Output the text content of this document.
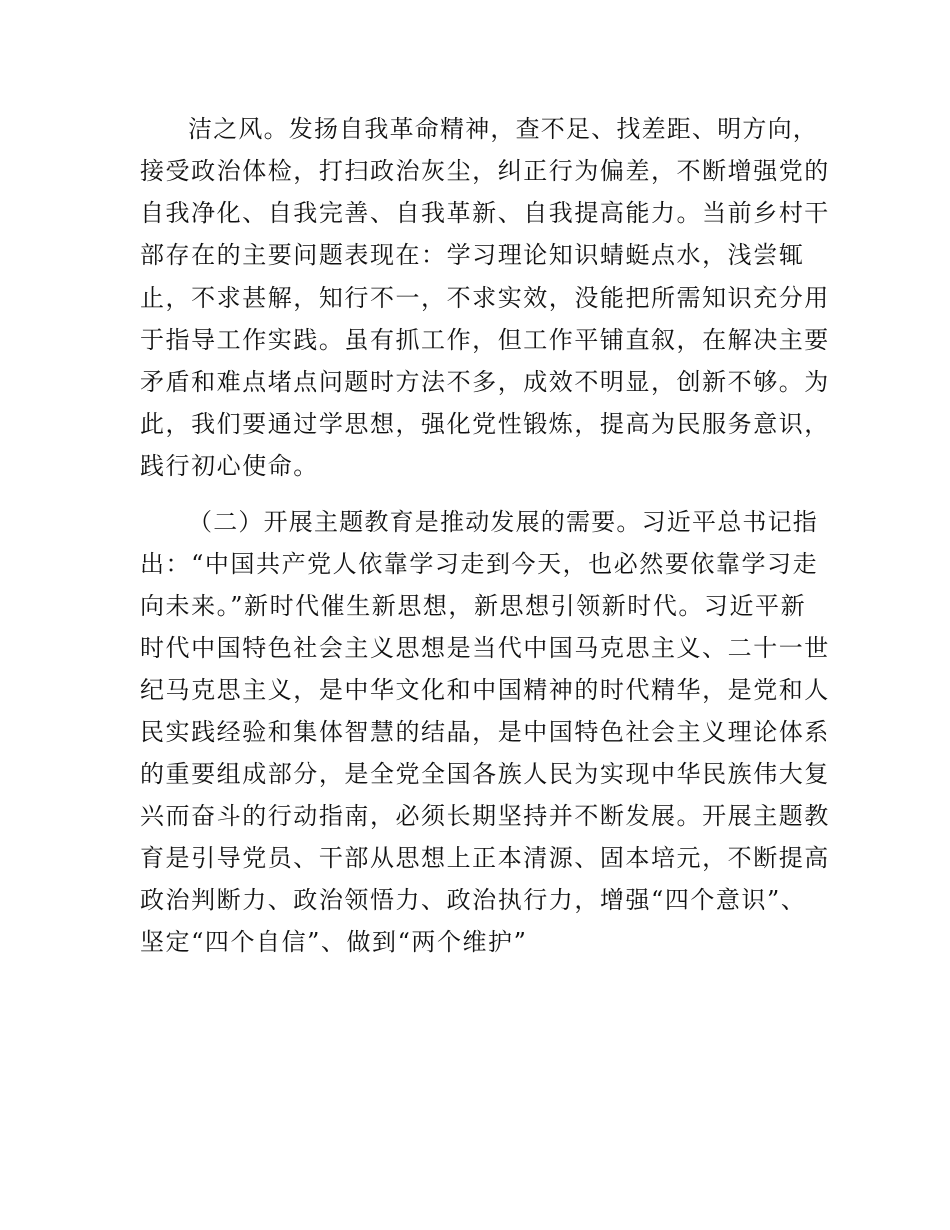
洁之风。发扬自我革命精神，查不足、找差距、明方向，
接受政治体检，打扫政治灰尘，纠正行为偏差，不断增强党的
自我净化、自我完善、自我革新、自我提高能力。当前乡村干
部存在的主要问题表现在：学习理论知识蜻蜓点水，浅尝辄
止，不求甚解，知行不一，不求实效，没能把所需知识充分用
于指导工作实践。虽有抓工作，但工作平铺直叙，在解决主要
矛盾和难点堵点问题时方法不多，成效不明显，创新不够。为
此，我们要通过学思想，强化党性锻炼，提高为民服务意识，
践行初心使命。
（二）开展主题教育是推动发展的需要。习近平总书记指
出：“中国共产党人依靠学习走到今天，也必然要依靠学习走
向未来。”新时代催生新思想，新思想引领新时代。习近平新
时代中国特色社会主义思想是当代中国马克思主义、二十一世
纪马克思主义，是中华文化和中国精神的时代精华，是党和人
民实践经验和集体智慧的结晶，是中国特色社会主义理论体系
的重要组成部分，是全党全国各族人民为实现中华民族伟大复
兴而奋斗的行动指南，必须长期坚持并不断发展。开展主题教
育是引导党员、干部从思想上正本清源、固本培元，不断提高
政治判断力、政治领悟力、政治执行力，增强“四个意识”、
坚定“四个自信”、做到“两个维护”
